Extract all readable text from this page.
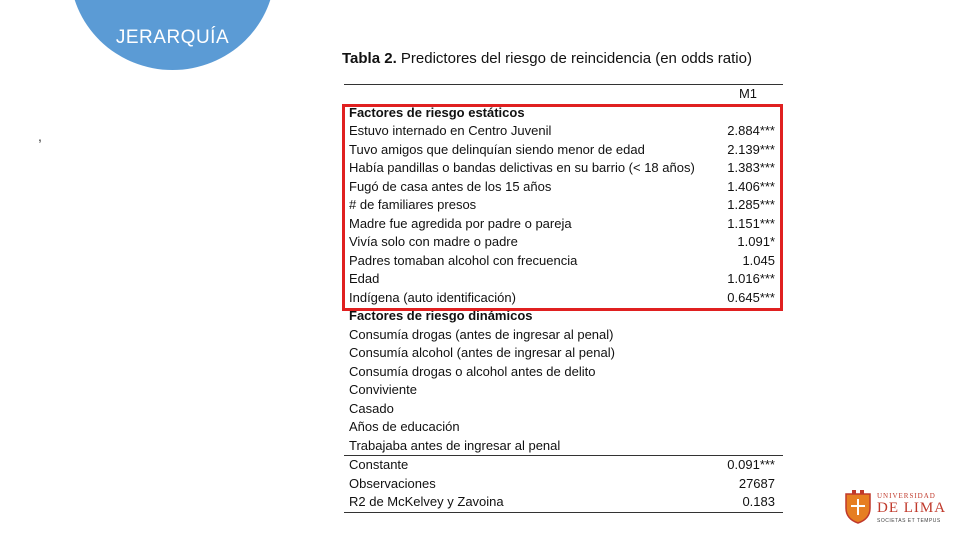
JERARQUÍA
,
Tabla 2. Predictores del riesgo de reincidencia (en odds ratio)
M1
Factores de riesgo estáticos
Estuvo internado en Centro Juvenil	2.884***
Tuvo amigos que delinquían siendo menor de edad	2.139***
Había pandillas o bandas delictivas en su barrio (< 18 años) 1.383***
Fugó de casa antes de los 15 años	1.406***
# de familiares presos	1.285***
Madre fue agredida por padre o pareja	1.151***
Vivía solo con madre o padre	1.091*
Padres tomaban alcohol con frecuencia	1.045
Edad	1.016***
Indígena (auto identificación)	0.645***
Factores de riesgo dinámicos
Consumía drogas (antes de ingresar al penal)
Consumía alcohol (antes de ingresar al penal)
Consumía drogas o alcohol antes de delito
Conviviente
Casado
Años de educación
Trabajaba antes de ingresar al penal
Constante	0.091***
Observaciones	27687
R2 de McKelvey y Zavoina	0.183	UNIVERSIDAD
DE LIMA
SOCIETAS ET TEMPUS
